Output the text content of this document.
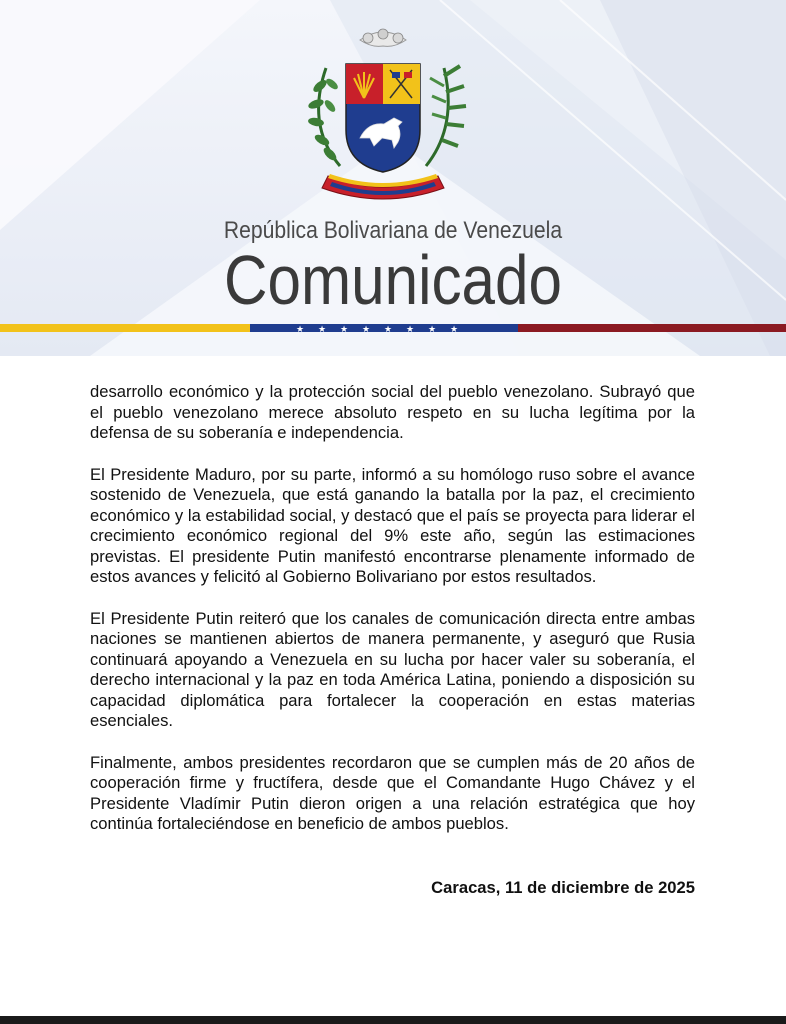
República Bolivariana de Venezuela
Comunicado
★ ★ ★ ★ ★ ★ ★ ★

desarrollo económico y la protección social del pueblo venezolano. Subrayó que el pueblo venezolano merece absoluto respeto en su lucha legítima por la defensa de su soberanía e independencia.

El Presidente Maduro, por su parte, informó a su homólogo ruso sobre el avance sostenido de Venezuela, que está ganando la batalla por la paz, el crecimiento económico y la estabilidad social, y destacó que el país se proyecta para liderar el crecimiento económico regional del 9% este año, según las estimaciones previstas. El presidente Putin manifestó encontrarse plenamente informado de estos avances y felicitó al Gobierno Bolivariano por estos resultados.

El Presidente Putin reiteró que los canales de comunicación directa entre ambas naciones se mantienen abiertos de manera permanente, y aseguró que Rusia continuará apoyando a Venezuela en su lucha por hacer valer su soberanía, el derecho internacional y la paz en toda América Latina, poniendo a disposición su capacidad diplomática para fortalecer la cooperación en estas materias esenciales.

Finalmente, ambos presidentes recordaron que se cumplen más de 20 años de cooperación firme y fructífera, desde que el Comandante Hugo Chávez y el Presidente Vladímir Putin dieron origen a una relación estratégica que hoy continúa fortaleciéndose en beneficio de ambos pueblos.

Caracas, 11 de diciembre de 2025
